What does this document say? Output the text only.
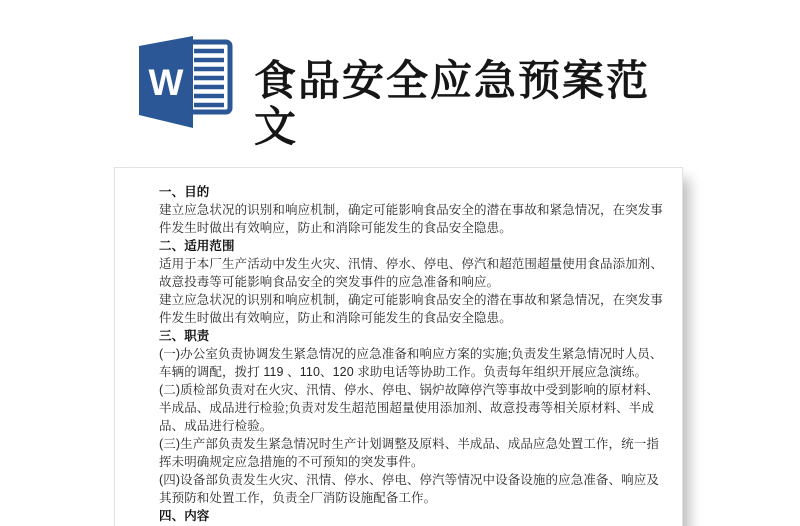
W 食品安全应急预案范文
一、目的
建立应急状况的识别和响应机制，确定可能影响食品安全的潜在事故和紧急情况，在突发事
件发生时做出有效响应，防止和消除可能发生的食品安全隐患。
二、适用范围
适用于本厂生产活动中发生火灾、汛情、停水、停电、停汽和超范围超量使用食品添加剂、
故意投毒等可能影响食品安全的突发事件的应急准备和响应。
建立应急状况的识别和响应机制，确定可能影响食品安全的潜在事故和紧急情况，在突发事
件发生时做出有效响应，防止和消除可能发生的食品安全隐患。
三、职责
(一)办公室负责协调发生紧急情况的应急准备和响应方案的实施;负责发生紧急情况时人员、
车辆的调配，拨打 119 、110、120 求助电话等协助工作。负责每年组织开展应急演练。
(二)质检部负责对在火灾、汛情、停水、停电、锅炉故障停汽等事故中受到影响的原材料、
半成品、成品进行检验;负责对发生超范围超量使用添加剂、故意投毒等相关原材料、半成
品、成品进行检验。
(三)生产部负责发生紧急情况时生产计划调整及原料、半成品、成品应急处置工作，统一指
挥未明确规定应急措施的不可预知的突发事件。
(四)设备部负责发生火灾、汛情、停水、停电、停汽等情况中设备设施的应急准备、响应及
其预防和处置工作，负责全厂消防设施配备工作。
四、内容
